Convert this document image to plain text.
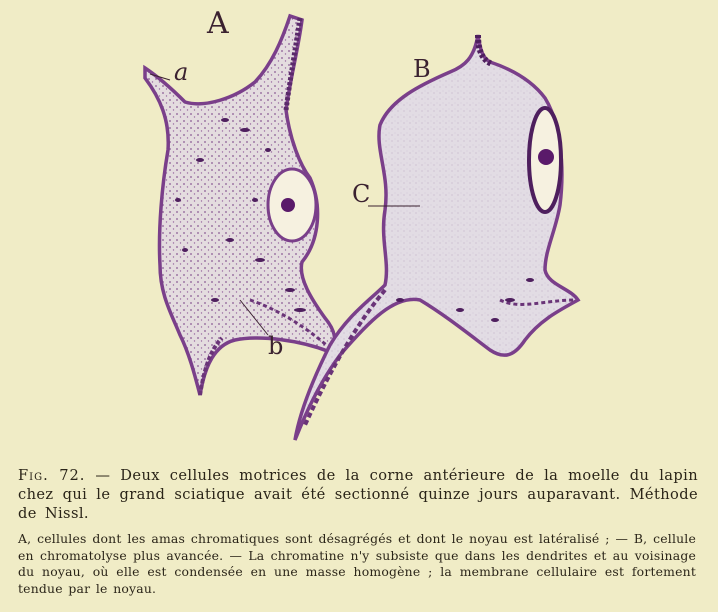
A
B
a
b
C
Fig. 72. — Deux cellules motrices de la corne antérieure de la moelle du lapin chez qui le grand sciatique avait été sectionné quinze jours auparavant. Méthode de Nissl.
A, cellules dont les amas chromatiques sont désagrégés et dont le noyau est latéralisé ; — B, cellule en chromatolyse plus avancée. — La chromatine n'y subsiste que dans les dendrites et au voisinage du noyau, où elle est condensée en une masse homogène ; la membrane cellulaire est fortement tendue par le noyau.
